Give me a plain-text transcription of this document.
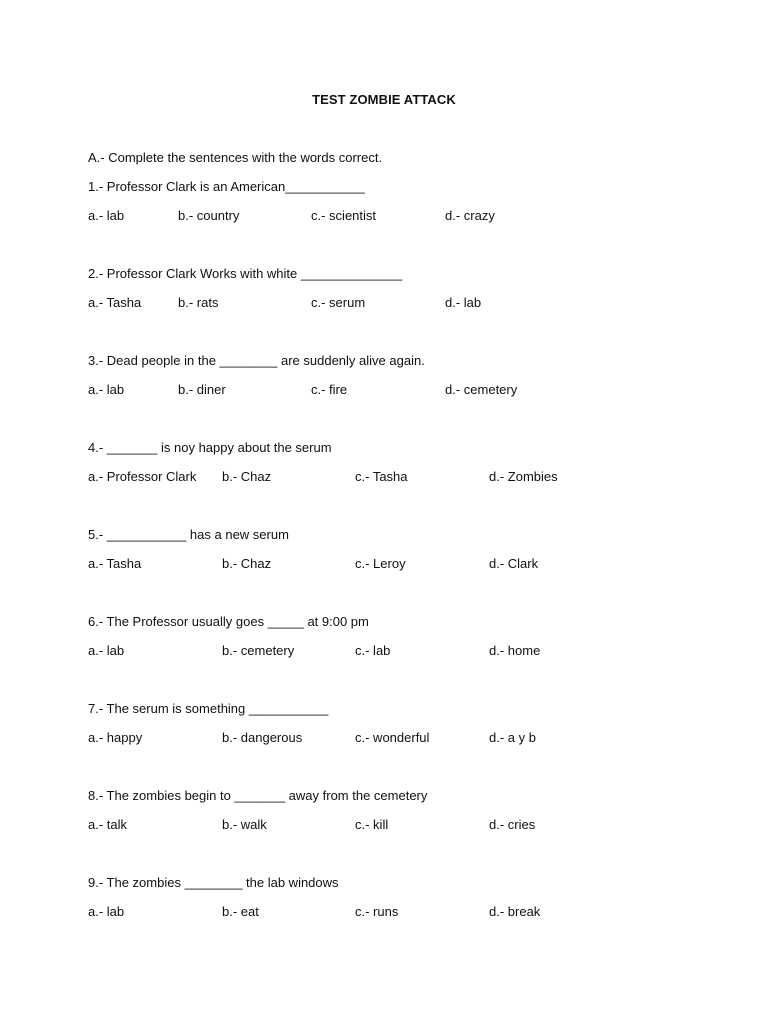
TEST ZOMBIE ATTACK
A.- Complete the sentences with the words correct.
1.- Professor Clark is an American___________
a.- lab	b.- country	c.- scientist	d.- crazy
2.- Professor Clark Works with white ______________
a.- Tasha	b.- rats	c.- serum	d.- lab
3.- Dead people in the ________ are suddenly alive again.
a.- lab	b.- diner	c.- fire	d.- cemetery
4.- _______ is noy happy about the serum
a.- Professor Clark b.- Chaz	c.- Tasha	d.- Zombies
5.- ___________ has a new serum
a.- Tasha	b.- Chaz	c.- Leroy	d.- Clark
6.- The Professor usually goes _____ at 9:00 pm
a.- lab	b.- cemetery	c.- lab	d.- home
7.- The serum is something ___________
a.- happy	b.- dangerous	c.- wonderful	d.- a y b
8.- The zombies begin to _______ away from the cemetery
a.- talk	b.- walk	c.- kill	d.- cries
9.- The zombies ________ the lab windows
a.- lab	b.- eat	c.- runs	d.- break
